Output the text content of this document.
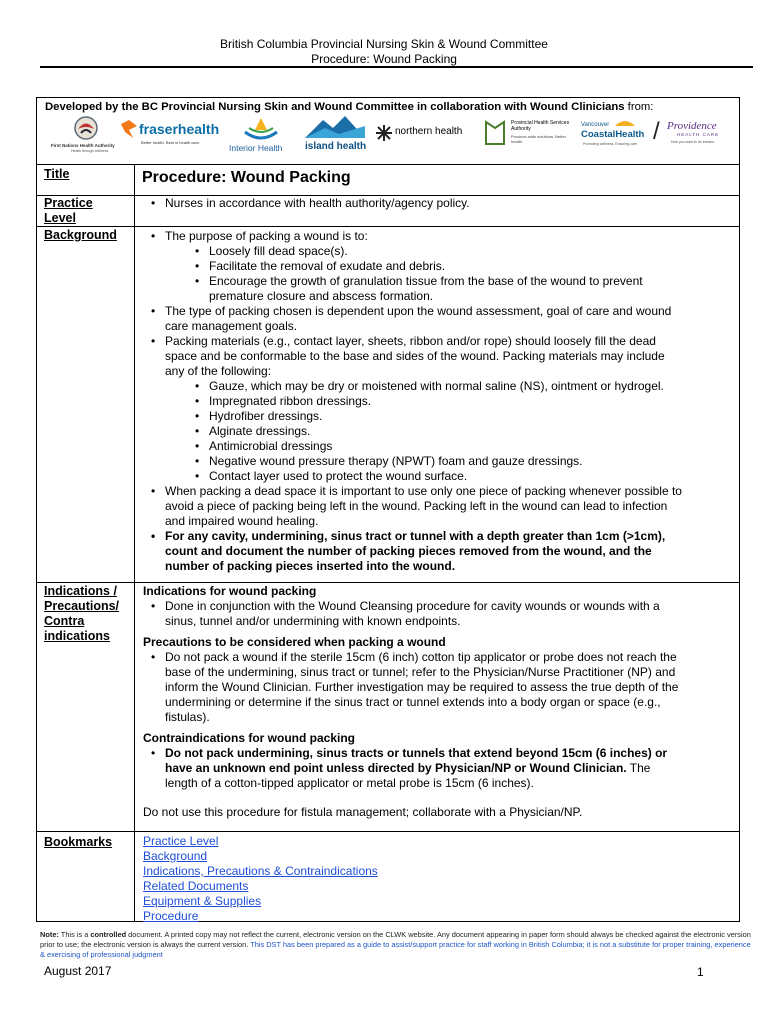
British Columbia Provincial Nursing Skin & Wound Committee
Procedure: Wound Packing
Developed by the BC Provincial Nursing Skin and Wound Committee in collaboration with Wound Clinicians from:
First Nations Health Authority
Health through wellness
fraserhealth
Better health. Best in health care.
Interior Health island health
northern health
Provincial Health Services Authority
Province-wide solutions. Better health.
Vancouver
CoastalHealth
Promoting wellness. Ensuring care. / Providence
HEALTH CARE
How you want to be treated.
Title	Procedure: Wound Packing
Practice
Level
• Nurses in accordance with health authority/agency policy.
Background
•	The purpose of packing a wound is to:
• Loosely fill dead space(s).
• Facilitate the removal of exudate and debris.
• Encourage the growth of granulation tissue from the base of the wound to prevent
premature closure and abscess formation.
• The type of packing chosen is dependent upon the wound assessment, goal of care and wound
care management goals.
• Packing materials (e.g., contact layer, sheets, ribbon and/or rope) should loosely fill the dead
space and be conformable to the base and sides of the wound. Packing materials may include
any of the following:
• Gauze, which may be dry or moistened with normal saline (NS), ointment or hydrogel.
• Impregnated ribbon dressings.
• Hydrofiber dressings.
• Alginate dressings.
• Antimicrobial dressings
• Negative wound pressure therapy (NPWT) foam and gauze dressings.
• Contact layer used to protect the wound surface.
• When packing a dead space it is important to use only one piece of packing whenever possible to
avoid a piece of packing being left in the wound. Packing left in the wound can lead to infection
and impaired wound healing.
• For any cavity, undermining, sinus tract or tunnel with a depth greater than 1cm (>1cm),
count and document the number of packing pieces removed from the wound, and the
number of packing pieces inserted into the wound.
Indications /
Precautions/
Contra
indications
Indications for wound packing
• Done in conjunction with the Wound Cleansing procedure for cavity wounds or wounds with a
sinus, tunnel and/or undermining with known endpoints.
Precautions to be considered when packing a wound
• Do not pack a wound if the sterile 15cm (6 inch) cotton tip applicator or probe does not reach the
base of the undermining, sinus tract or tunnel; refer to the Physician/Nurse Practitioner (NP) and
inform the Wound Clinician. Further investigation may be required to assess the true depth of the
undermining or determine if the sinus tract or tunnel extends into a body organ or space (e.g.,
fistulas).
Contraindications for wound packing
• Do not pack undermining, sinus tracts or tunnels that extend beyond 15cm (6 inches) or
have an unknown end point unless directed by Physician/NP or Wound Clinician. The
length of a cotton-tipped applicator or metal probe is 15cm (6 inches).
Do not use this procedure for fistula management; collaborate with a Physician/NP.
Bookmarks	Practice Level
Background
Indications, Precautions & Contraindications
Related Documents
Equipment & Supplies
Procedure
Note: This is a controlled document. A printed copy may not reflect the current, electronic version on the CLWK website. Any document appearing in paper form should always be checked against the electronic version prior to use; the electronic version is always the current version. This DST has been prepared as a guide to assist/support practice for staff working in British Columbia; it is not a substitute for proper training, experience & exercising of professional judgment
August 2017	1
